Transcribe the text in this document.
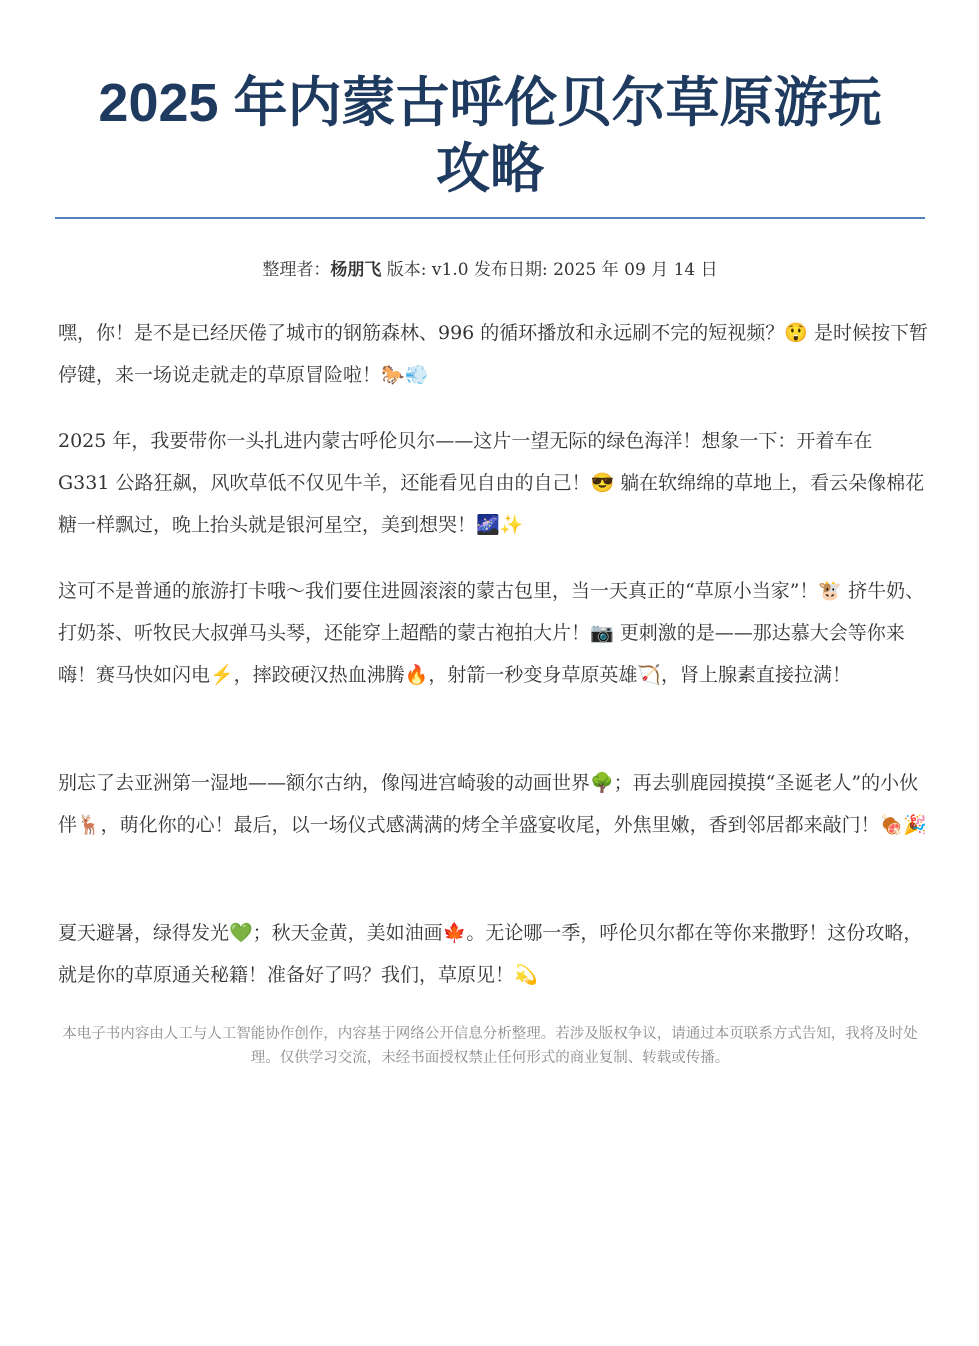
2025 年内蒙古呼伦贝尔草原游玩
攻略
整理者：杨朋飞 版本: v1.0 发布日期: 2025 年 09 月 14 日

嘿，你！是不是已经厌倦了城市的钢筋森林、996 的循环播放和永远刷不完的短视频？😲 是时候按下暂停键，来一场说走就走的草原冒险啦！🐎💨

2025 年，我要带你一头扎进内蒙古呼伦贝尔——这片一望无际的绿色海洋！想象一下：开着车在 G331 公路狂飙，风吹草低不仅见牛羊，还能看见自由的自己！😎 躺在软绵绵的草地上，看云朵像棉花糖一样飘过，晚上抬头就是银河星空，美到想哭！🌌✨

这可不是普通的旅游打卡哦～我们要住进圆滚滚的蒙古包里，当一天真正的“草原小当家”！🐮 挤牛奶、打奶茶、听牧民大叔弹马头琴，还能穿上超酷的蒙古袍拍大片！📷 更刺激的是——那达慕大会等你来嗨！赛马快如闪电⚡，摔跤硬汉热血沸腾🔥，射箭一秒变身草原英雄🏹，肾上腺素直接拉满！

别忘了去亚洲第一湿地——额尔古纳，像闯进宫崎骏的动画世界🌳；再去驯鹿园摸摸“圣诞老人”的小伙伴🦌，萌化你的心！最后，以一场仪式感满满的烤全羊盛宴收尾，外焦里嫩，香到邻居都来敲门！🍖🎉

夏天避暑，绿得发光💚；秋天金黄，美如油画🍁。无论哪一季，呼伦贝尔都在等你来撒野！这份攻略，就是你的草原通关秘籍！准备好了吗？我们，草原见！💫

本电子书内容由人工与人工智能协作创作，内容基于网络公开信息分析整理。若涉及版权争议，请通过本页联系方式告知，我将及时处理。仅供学习交流，未经书面授权禁止任何形式的商业复制、转载或传播。
